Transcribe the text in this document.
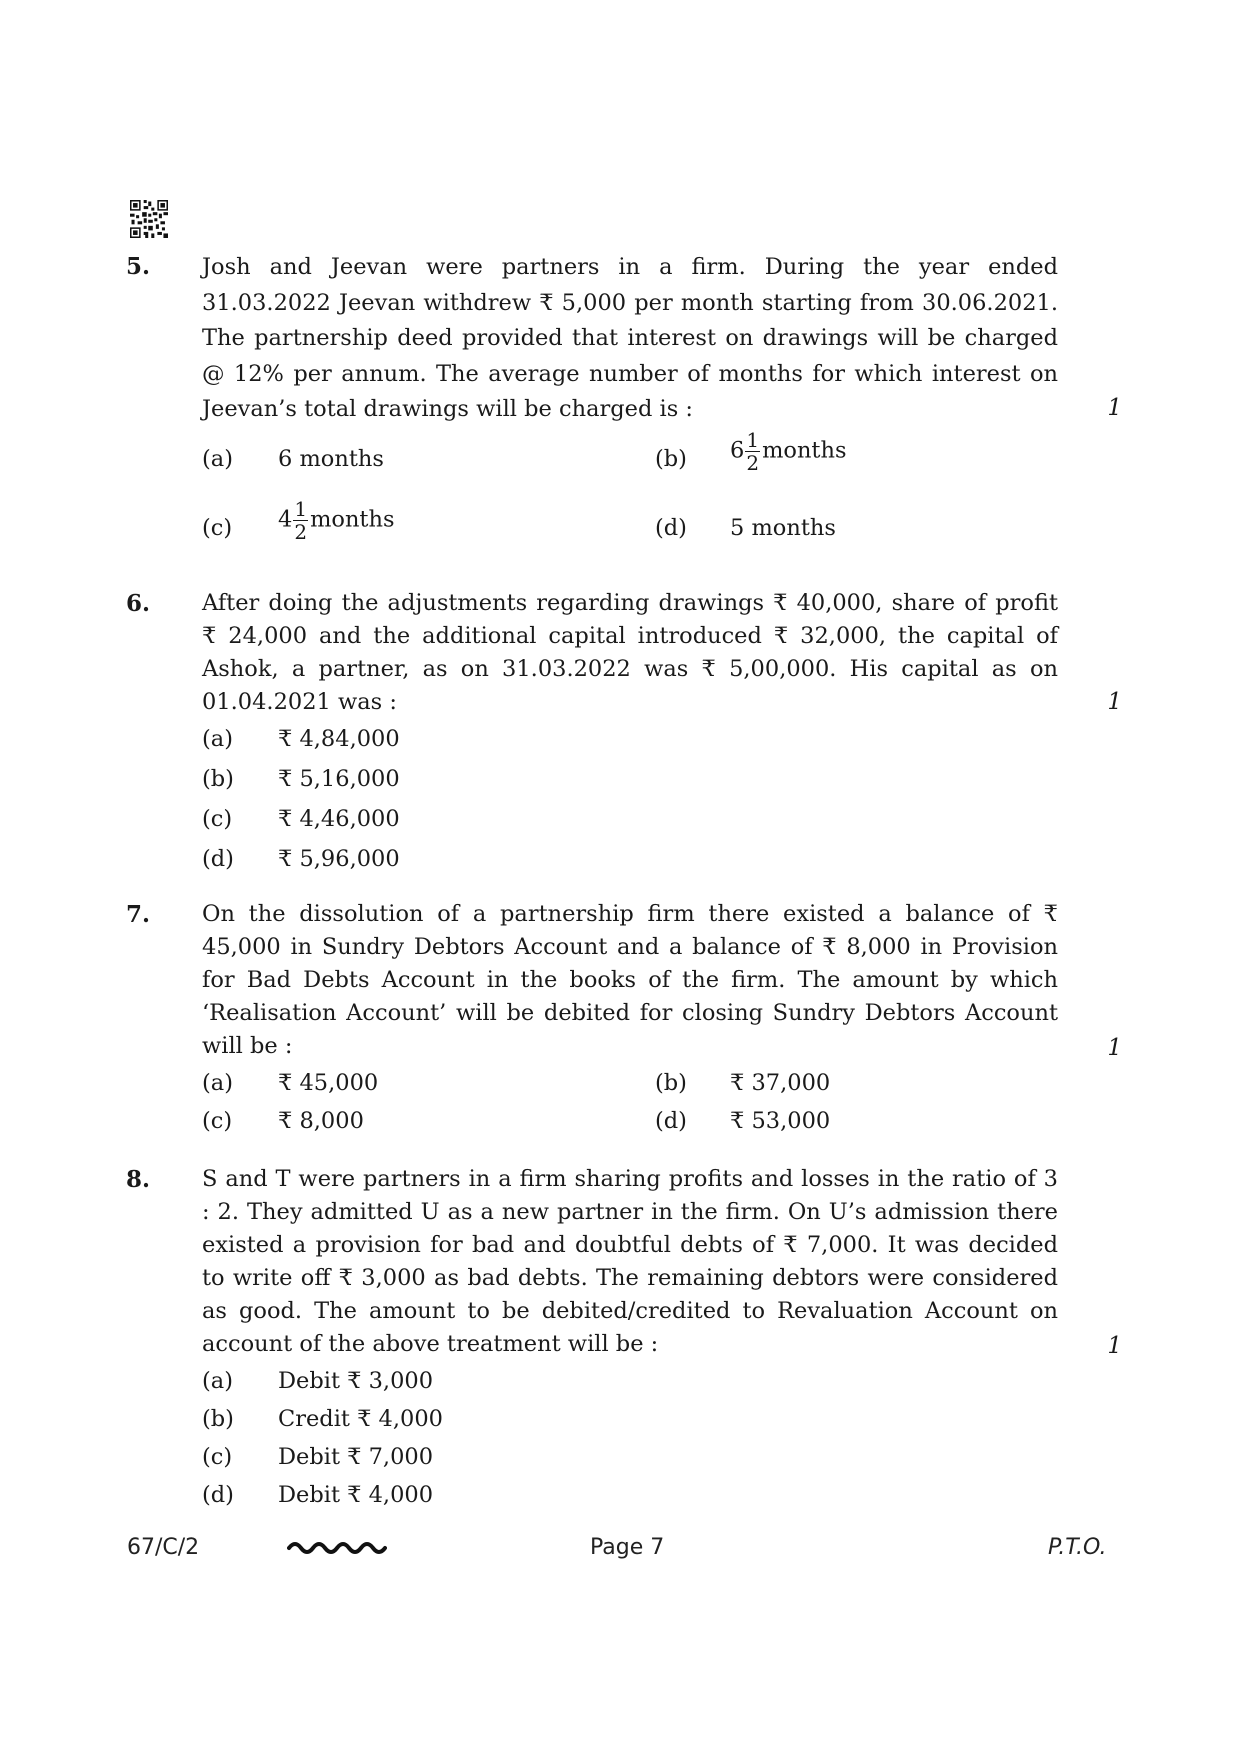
5. Josh and Jeevan were partners in a firm. During the year ended 31.03.2022 Jeevan withdrew ₹ 5,000 per month starting from 30.06.2021. The partnership deed provided that interest on drawings will be charged @ 12% per annum. The average number of months for which interest on Jeevan’s total drawings will be charged is :	1
(a) 6 months	(b) $6 \frac{1}{2}$ months
(c) $4 \frac{1}{2}$ months	(d) 5 months
6. After doing the adjustments regarding drawings ₹ 40,000, share of profit ₹ 24,000 and the additional capital introduced ₹ 32,000, the capital of Ashok, a partner, as on 31.03.2022 was ₹ 5,00,000. His capital as on 01.04.2021 was :	1
(a) ₹ 4,84,000
(b) ₹ 5,16,000
(c) ₹ 4,46,000
(d) ₹ 5,96,000
7. On the dissolution of a partnership firm there existed a balance of ₹ 45,000 in Sundry Debtors Account and a balance of ₹ 8,000 in Provision for Bad Debts Account in the books of the firm. The amount by which ‘Realisation Account’ will be debited for closing Sundry Debtors Account will be :	1
(a) ₹ 45,000	(b) ₹ 37,000
(c) ₹ 8,000	(d) ₹ 53,000
8. S and T were partners in a firm sharing profits and losses in the ratio of 3 : 2. They admitted U as a new partner in the firm. On U’s admission there existed a provision for bad and doubtful debts of ₹ 7,000. It was decided to write off ₹ 3,000 as bad debts. The remaining debtors were considered as good. The amount to be debited/credited to Revaluation Account on account of the above treatment will be :	1
(a) Debit ₹ 3,000
(b) Credit ₹ 4,000
(c) Debit ₹ 7,000
(d) Debit ₹ 4,000
67/C/2	Page 7	P.T.O.
